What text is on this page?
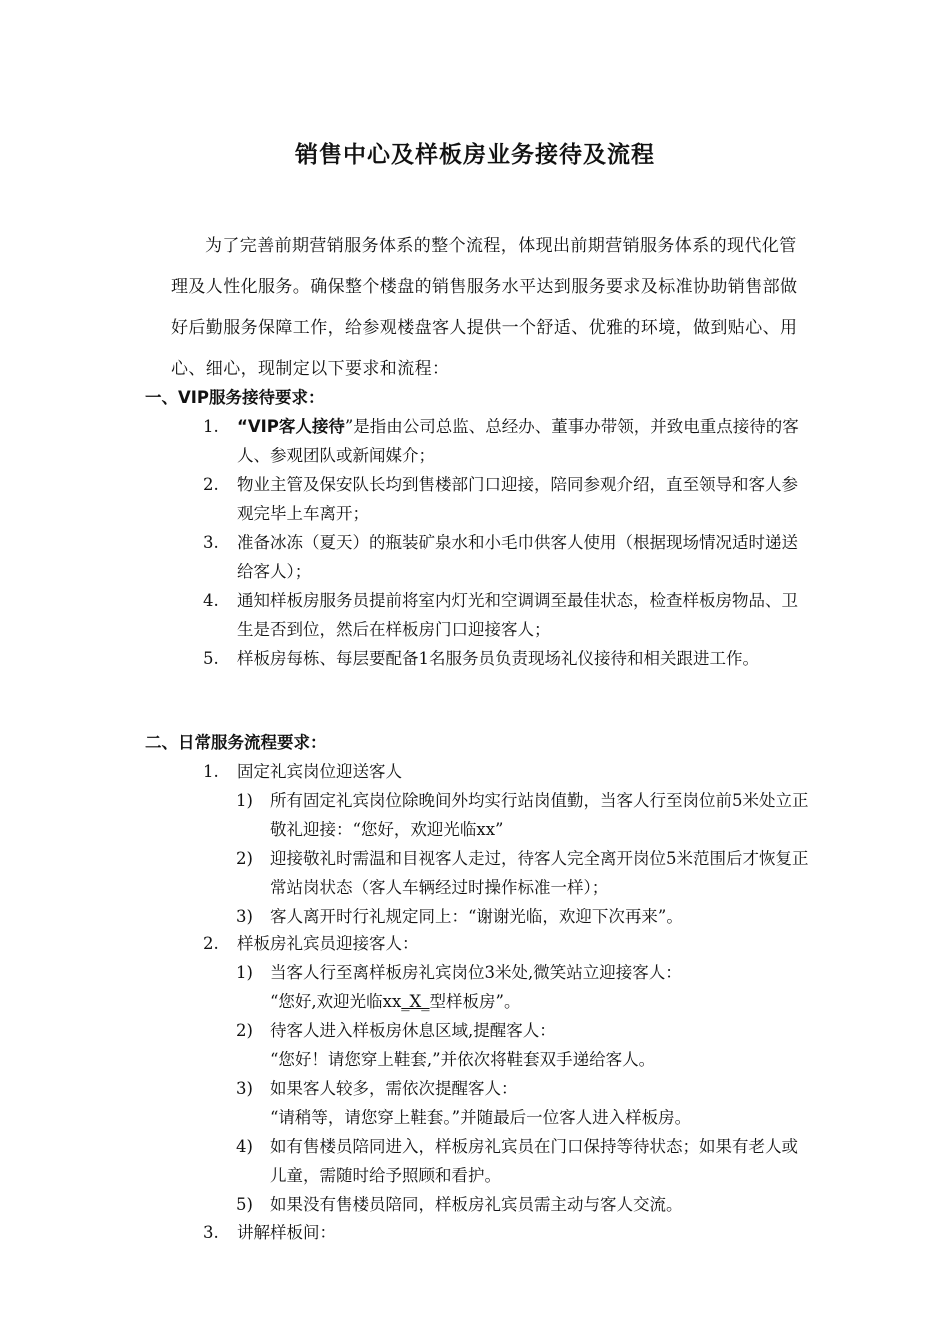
销售中心及样板房业务接待及流程

为了完善前期营销服务体系的整个流程，体现出前期营销服务体系的现代化管理及人性化服务。确保整个楼盘的销售服务水平达到服务要求及标准协助销售部做好后勤服务保障工作，给参观楼盘客人提供一个舒适、优雅的环境，做到贴心、用心、细心，现制定以下要求和流程：

一、VIP服务接待要求：
1. “VIP客人接待”是指由公司总监、总经办、董事办带领，并致电重点接待的客人、参观团队或新闻媒介；
2. 物业主管及保安队长均到售楼部门口迎接，陪同参观介绍，直至领导和客人参观完毕上车离开；
3. 准备冰冻（夏天）的瓶装矿泉水和小毛巾供客人使用（根据现场情况适时递送给客人）；
4. 通知样板房服务员提前将室内灯光和空调调至最佳状态，检查样板房物品、卫生是否到位，然后在样板房门口迎接客人；
5. 样板房每栋、每层要配备1名服务员负责现场礼仪接待和相关跟进工作。
二、日常服务流程要求：
1. 固定礼宾岗位迎送客人
1) 所有固定礼宾岗位除晚间外均实行站岗值勤，当客人行至岗位前5米处立正敬礼迎接：“您好，欢迎光临xx”
2) 迎接敬礼时需温和目视客人走过，待客人完全离开岗位5米范围后才恢复正常站岗状态（客人车辆经过时操作标准一样）；
3) 客人离开时行礼规定同上：“谢谢光临，欢迎下次再来”。
2. 样板房礼宾员迎接客人：
1) 当客人行至离样板房礼宾岗位3米处,微笑站立迎接客人：
“您好,欢迎光临xx_X_型样板房”。
2) 待客人进入样板房休息区域,提醒客人：
“您好！请您穿上鞋套,”并依次将鞋套双手递给客人。
3) 如果客人较多，需依次提醒客人：
“请稍等，请您穿上鞋套。”并随最后一位客人进入样板房。
4) 如有售楼员陪同进入，样板房礼宾员在门口保持等待状态；如果有老人或儿童，需随时给予照顾和看护。
5) 如果没有售楼员陪同，样板房礼宾员需主动与客人交流。
3. 讲解样板间：
